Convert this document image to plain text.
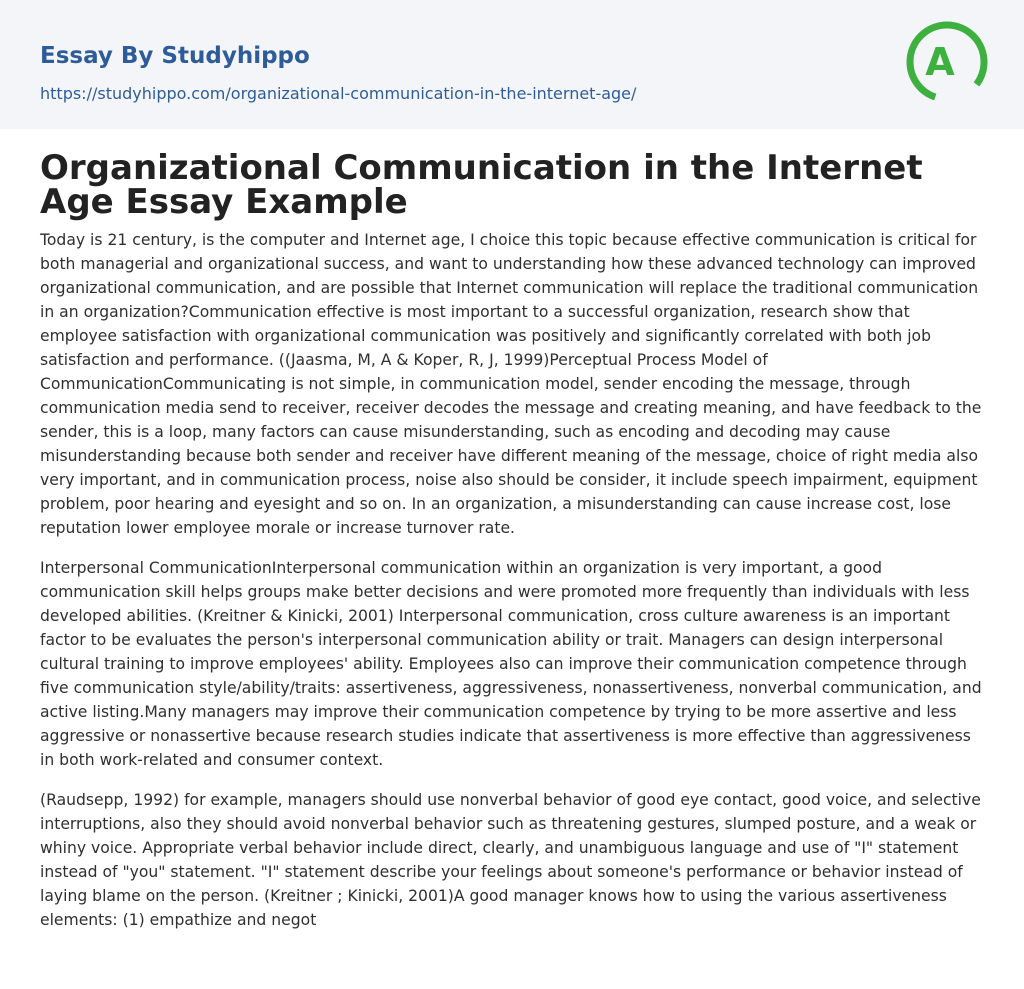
Essay By Studyhippo
https://studyhippo.com/organizational-communication-in-the-internet-age/
A
Organizational Communication in the Internet Age Essay Example

Today is 21 century, is the computer and Internet age, I choice this topic because effective communication is critical for both managerial and organizational success, and want to understanding how these advanced technology can improved organizational communication, and are possible that Internet communication will replace the traditional communication in an organization?Communication effective is most important to a successful organization, research show that employee satisfaction with organizational communication was positively and significantly correlated with both job satisfaction and performance. ((Jaasma, M, A & Koper, R, J, 1999)Perceptual Process Model of CommunicationCommunicating is not simple, in communication model, sender encoding the message, through communication media send to receiver, receiver decodes the message and creating meaning, and have feedback to the sender, this is a loop, many factors can cause misunderstanding, such as encoding and decoding may cause misunderstanding because both sender and receiver have different meaning of the message, choice of right media also very important, and in communication process, noise also should be consider, it include speech impairment, equipment problem, poor hearing and eyesight and so on. In an organization, a misunderstanding can cause increase cost, lose reputation lower employee morale or increase turnover rate.

Interpersonal CommunicationInterpersonal communication within an organization is very important, a good communication skill helps groups make better decisions and were promoted more frequently than individuals with less developed abilities. (Kreitner & Kinicki, 2001) Interpersonal communication, cross culture awareness is an important factor to be evaluates the person's interpersonal communication ability or trait. Managers can design interpersonal cultural training to improve employees' ability. Employees also can improve their communication competence through five communication style/ability/traits: assertiveness, aggressiveness, nonassertiveness, nonverbal communication, and active listing.Many managers may improve their communication competence by trying to be more assertive and less aggressive or nonassertive because research studies indicate that assertiveness is more effective than aggressiveness in both work-related and consumer context.

(Raudsepp, 1992) for example, managers should use nonverbal behavior of good eye contact, good voice, and selective interruptions, also they should avoid nonverbal behavior such as threatening gestures, slumped posture, and a weak or whiny voice. Appropriate verbal behavior include direct, clearly, and unambiguous language and use of "I" statement instead of "you" statement. "I" statement describe your feelings about someone's performance or behavior instead of laying blame on the person. (Kreitner ; Kinicki, 2001)A good manager knows how to using the various assertiveness elements: (1) empathize and negot
